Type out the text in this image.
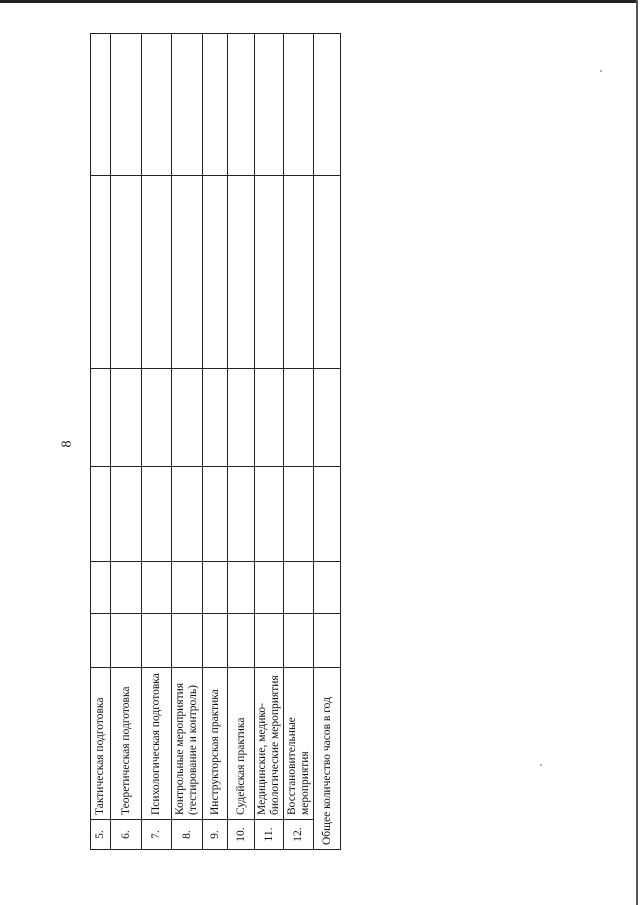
8
5.	Тактическая подготовка						
6.	Теоретическая подготовка						
7.	Психологическая подготовка						
8.	Контрольные мероприятия (тестирование и контроль)						
9.	Инструкторская практика						
10.	Судейская практика						
11.	Медицинские, медико-биологические мероприятия						
12.	Восстановительные мероприятия						
Общее количество часов в год							
